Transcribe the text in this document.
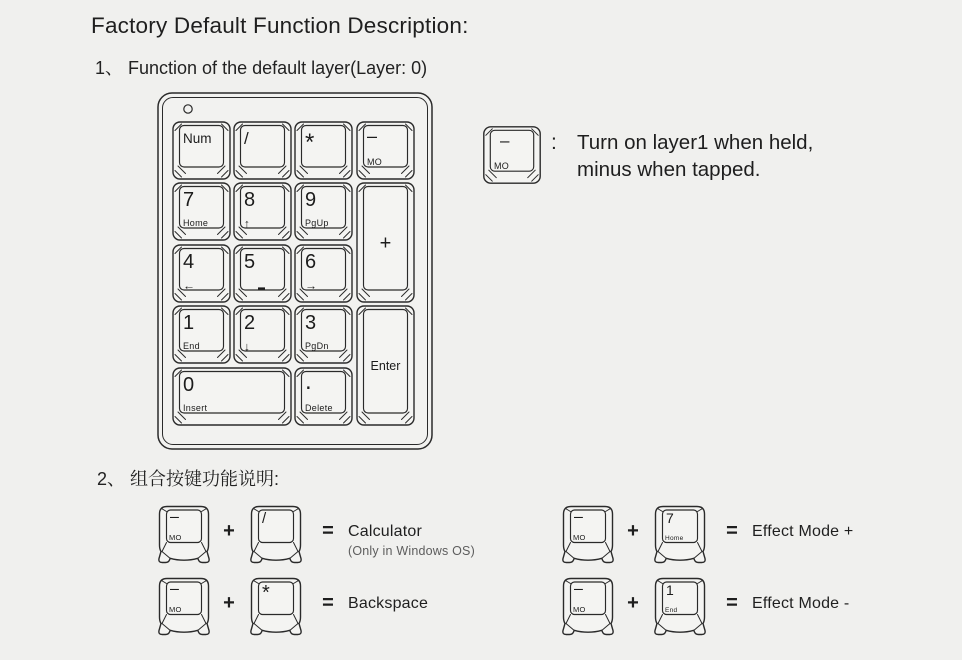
Factory Default Function Description:
1、 Function of the default layer(Layer: 0)
Num / *	–
MO
7
Home
8
↑
9
PgUp
+
4
←
5
▬
6
→
1
End
2
↓
3
PgDn
Enter
0
Insert
.
Delete
–
MO
: Turn on layer1 when held,
minus when tapped.
2、 组合按键功能说明:
–
MO +
/
= Calculator
(Only in Windows OS)
–
MO + *	= Backspace
–
MO +
7
Home	= Effect Mode +
–
MO +
1
End	= Effect Mode -
